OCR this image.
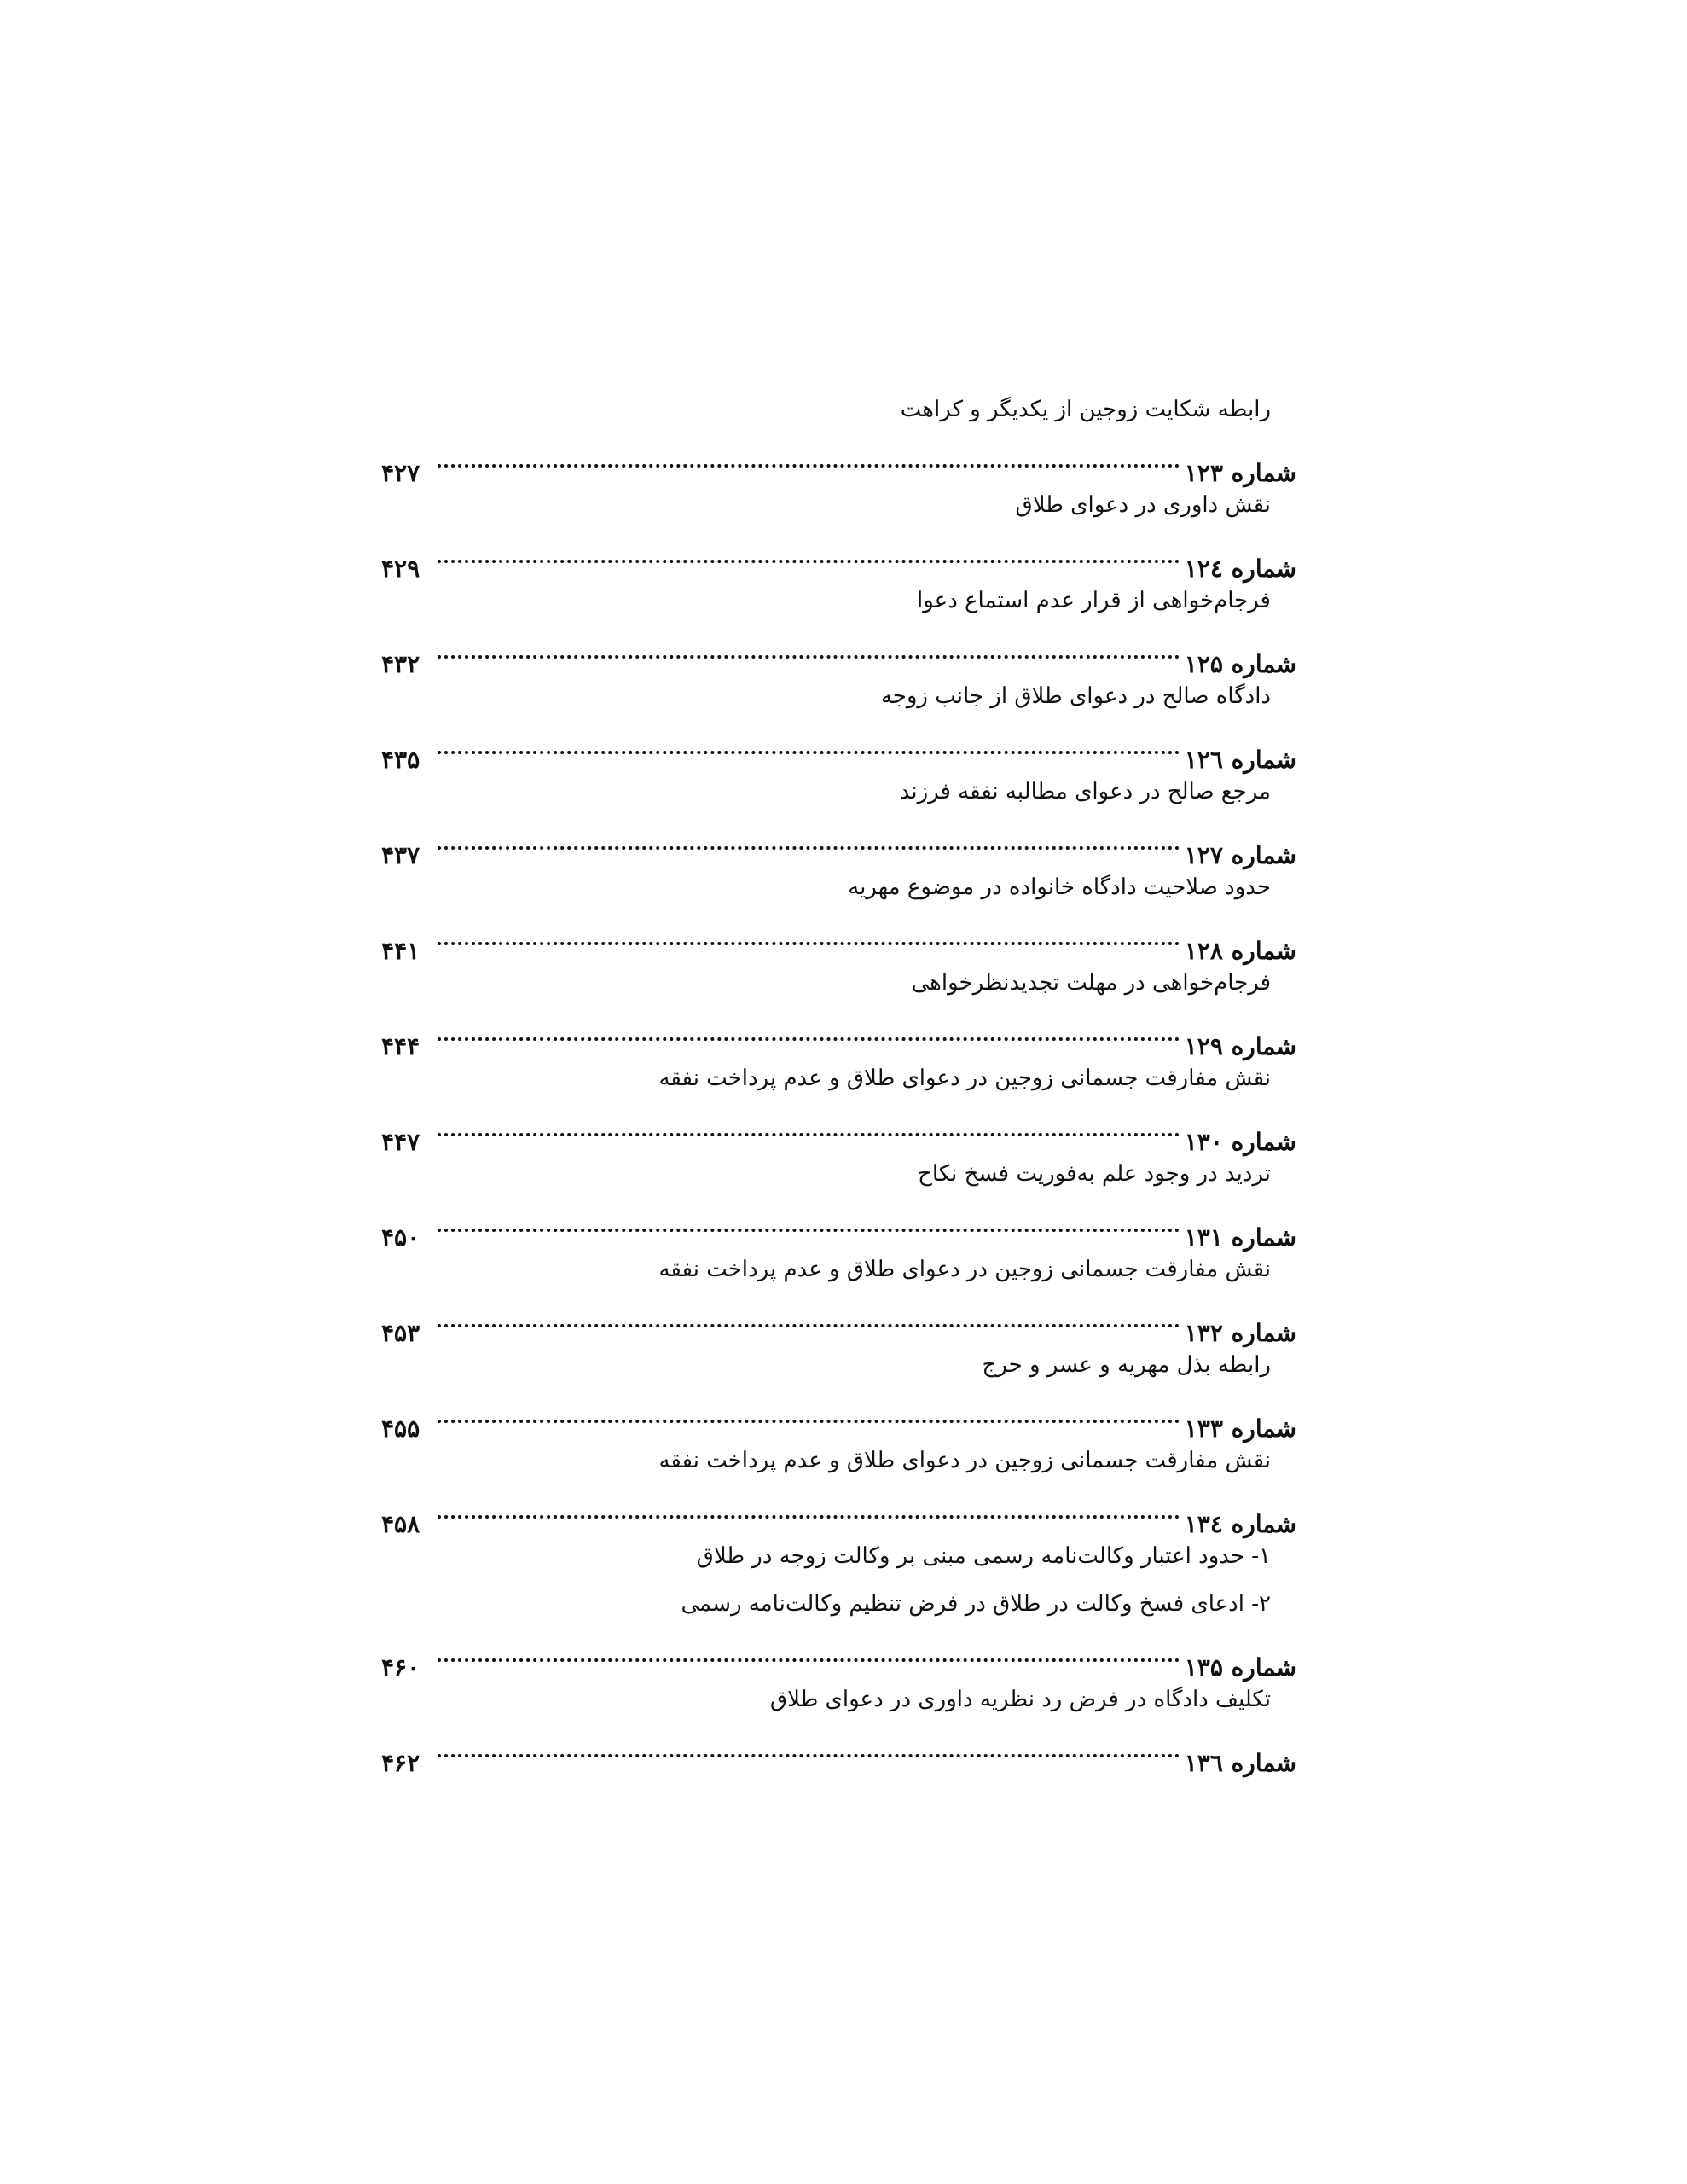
رابطه شکایت زوجین از یکدیگر و کراهت
شماره ۱۲۳
۴۲۷
نقش داوری در دعوای طلاق
شماره ۱۲٤
۴۲۹
فرجام‌خواهی از قرار عدم استماع دعوا
شماره ۱۲۵
۴۳۲
دادگاه صالح در دعوای طلاق از جانب زوجه
شماره ۱۲٦
۴۳۵
مرجع صالح در دعوای مطالبه نفقه فرزند
شماره ۱۲۷
۴۳۷
حدود صلاحیت دادگاه خانواده در موضوع مهریه
شماره ۱۲۸
۴۴۱
فرجام‌خواهی در مهلت تجدیدنظرخواهی
شماره ۱۲۹
۴۴۴
نقش مفارقت جسمانی زوجین در دعوای طلاق و عدم پرداخت نفقه
شماره ۱۳۰
۴۴۷
تردید در وجود علم به‌فوریت فسخ نکاح
شماره ۱۳۱
۴۵۰
نقش مفارقت جسمانی زوجین در دعوای طلاق و عدم پرداخت نفقه
شماره ۱۳۲
۴۵۳
رابطه بذل مهریه و عسر و حرج
شماره ۱۳۳
۴۵۵
نقش مفارقت جسمانی زوجین در دعوای طلاق و عدم پرداخت نفقه
شماره ۱۳٤
۴۵۸
۱- حدود اعتبار وکالت‌نامه رسمی مبنی بر وکالت زوجه در طلاق
۲- ادعای فسخ وکالت در طلاق در فرض تنظیم وکالت‌نامه رسمی
شماره ۱۳۵
۴۶۰
تکلیف دادگاه در فرض رد نظریه داوری در دعوای طلاق
شماره ۱۳٦
۴۶۲
